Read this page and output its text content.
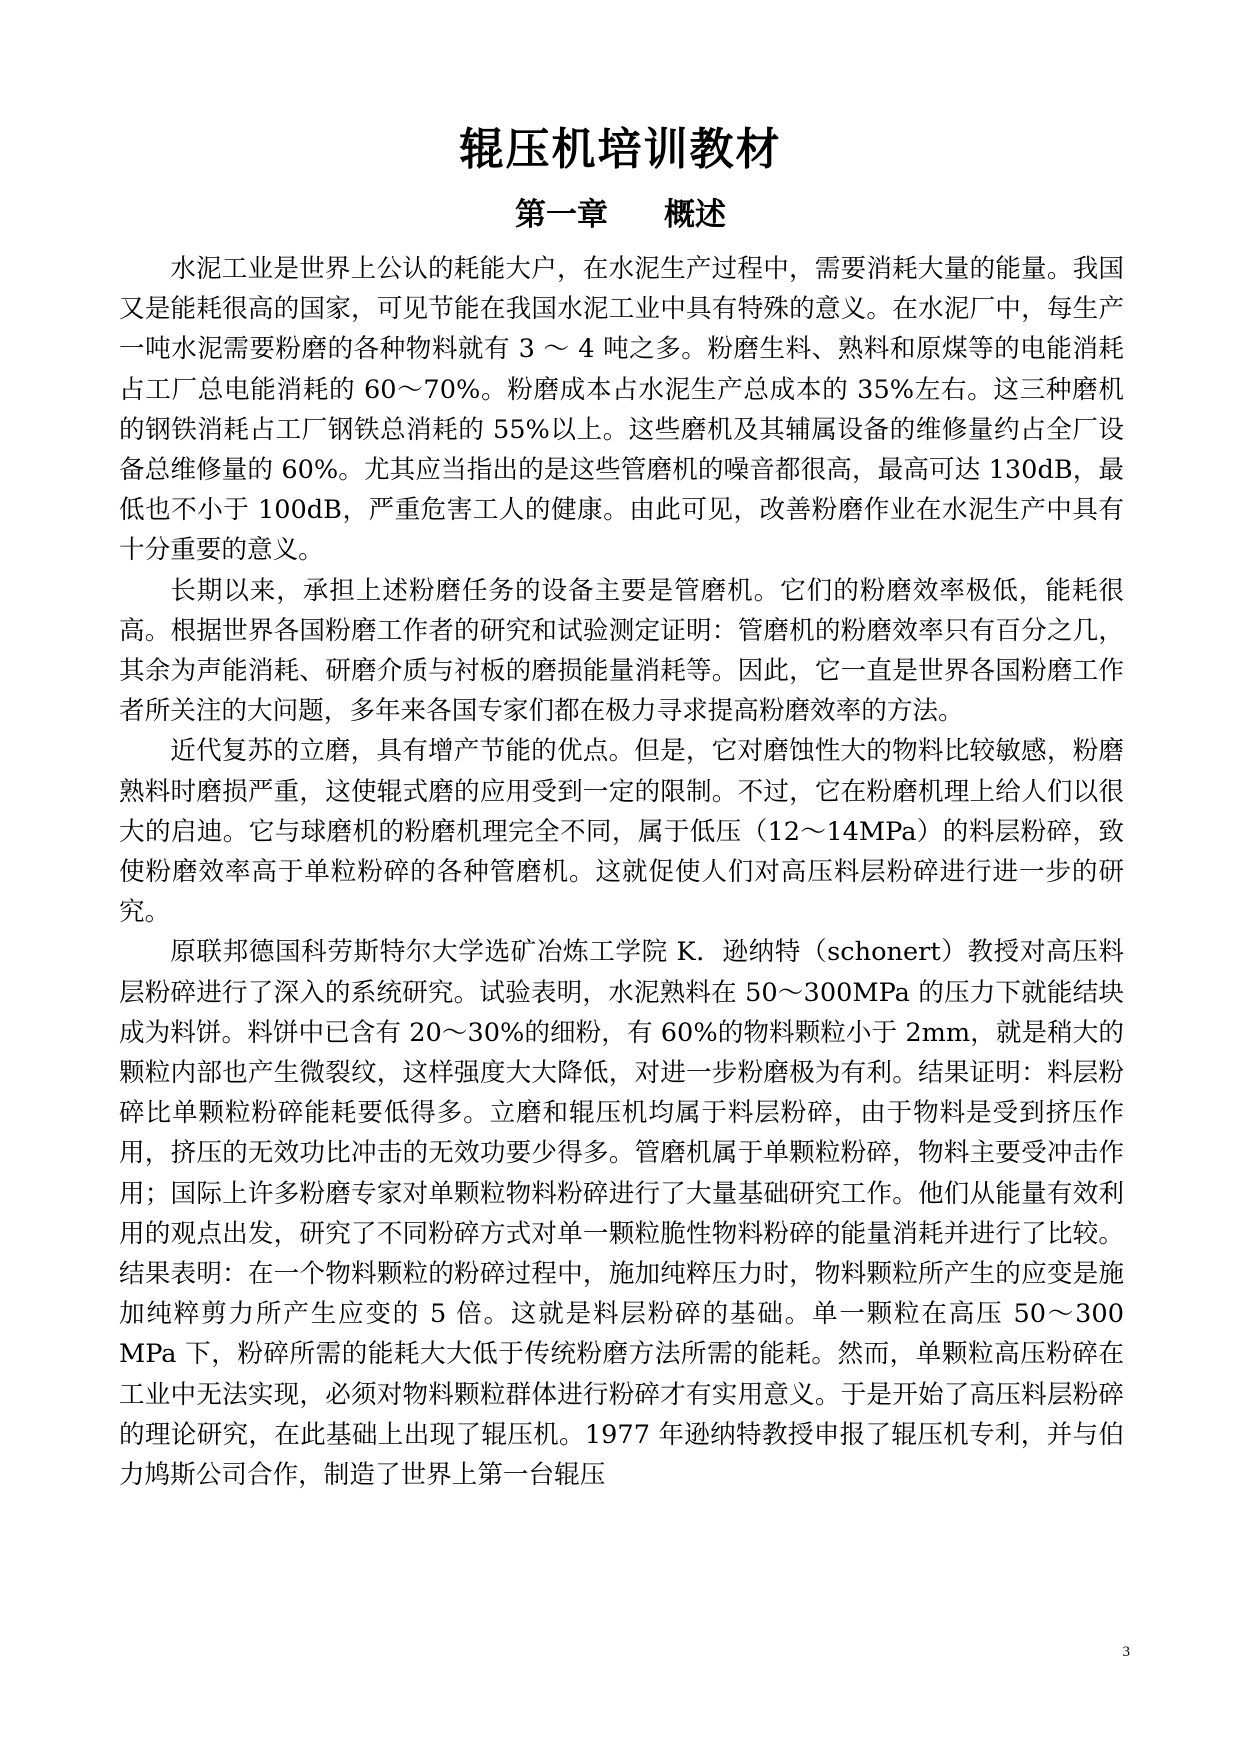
辊压机培训教材
第一章 概述

水泥工业是世界上公认的耗能大户，在水泥生产过程中，需要消耗大量的能量。我国又是能耗很高的国家，可见节能在我国水泥工业中具有特殊的意义。在水泥厂中，每生产一吨水泥需要粉磨的各种物料就有 3 ～ 4 吨之多。粉磨生料、熟料和原煤等的电能消耗占工厂总电能消耗的 60～70%。粉磨成本占水泥生产总成本的 35%左右。这三种磨机的钢铁消耗占工厂钢铁总消耗的 55%以上。这些磨机及其辅属设备的维修量约占全厂设备总维修量的 60%。尤其应当指出的是这些管磨机的噪音都很高，最高可达 130dB，最低也不小于 100dB，严重危害工人的健康。由此可见，改善粉磨作业在水泥生产中具有十分重要的意义。

长期以来，承担上述粉磨任务的设备主要是管磨机。它们的粉磨效率极低，能耗很高。根据世界各国粉磨工作者的研究和试验测定证明：管磨机的粉磨效率只有百分之几，其余为声能消耗、研磨介质与衬板的磨损能量消耗等。因此，它一直是世界各国粉磨工作者所关注的大问题，多年来各国专家们都在极力寻求提高粉磨效率的方法。

近代复苏的立磨，具有增产节能的优点。但是，它对磨蚀性大的物料比较敏感，粉磨熟料时磨损严重，这使辊式磨的应用受到一定的限制。不过，它在粉磨机理上给人们以很大的启迪。它与球磨机的粉磨机理完全不同，属于低压（12～14MPa）的料层粉碎，致使粉磨效率高于单粒粉碎的各种管磨机。这就促使人们对高压料层粉碎进行进一步的研究。

原联邦德国科劳斯特尔大学选矿冶炼工学院 K．逊纳特（schonert）教授对高压料层粉碎进行了深入的系统研究。试验表明，水泥熟料在 50～300MPa 的压力下就能结块成为料饼。料饼中已含有 20～30%的细粉，有 60%的物料颗粒小于 2mm，就是稍大的颗粒内部也产生微裂纹，这样强度大大降低，对进一步粉磨极为有利。结果证明：料层粉碎比单颗粒粉碎能耗要低得多。立磨和辊压机均属于料层粉碎，由于物料是受到挤压作用，挤压的无效功比冲击的无效功要少得多。管磨机属于单颗粒粉碎，物料主要受冲击作用；国际上许多粉磨专家对单颗粒物料粉碎进行了大量基础研究工作。他们从能量有效利用的观点出发，研究了不同粉碎方式对单一颗粒脆性物料粉碎的能量消耗并进行了比较。结果表明：在一个物料颗粒的粉碎过程中，施加纯粹压力时，物料颗粒所产生的应变是施加纯粹剪力所产生应变的 5 倍。这就是料层粉碎的基础。单一颗粒在高压 50～300 MPa 下，粉碎所需的能耗大大低于传统粉磨方法所需的能耗。然而，单颗粒高压粉碎在工业中无法实现，必须对物料颗粒群体进行粉碎才有实用意义。于是开始了高压料层粉碎的理论研究，在此基础上出现了辊压机。1977 年逊纳特教授申报了辊压机专利，并与伯力鸠斯公司合作，制造了世界上第一台辊压

3
